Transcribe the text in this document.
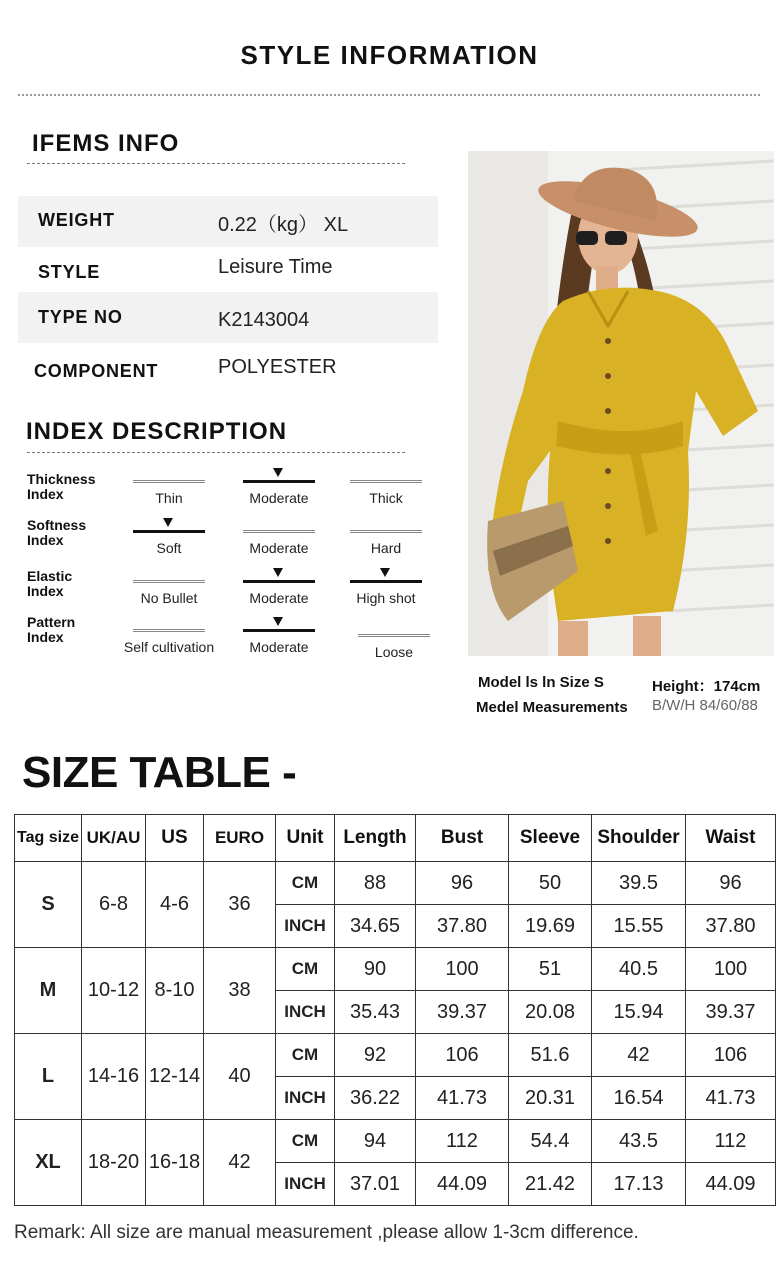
STYLE INFORMATION
IFEMS INFO
WEIGHT	0.22（kg） XL
STYLE	Leisure Time
TYPE NO	K2143004
COMPONENT	POLYESTER
INDEX DESCRIPTION
Thickness
Index	Thin	Moderate	Thick
Softness
Index	Soft	Moderate	Hard
Elastic
Index	No Bullet	Moderate	High shot
Pattern
Index
Self cultivation	Moderate	Loose
Model ls ln Size S
Medel Measurements
Height：174cm
B/W/H 84/60/88
SIZE TABLE -
Tag size	UK/AU	US	EURO	Unit	Length	Bust	Sleeve	Shoulder	Waist
S	6-8	4-6	36	CM	88	96	50	39.5	96
				INCH	34.65	37.80	19.69	15.55	37.80
M	10-12	8-10	38	CM	90	100	51	40.5	100
				INCH	35.43	39.37	20.08	15.94	39.37
L	14-16	12-14	40	CM	92	106	51.6	42	106
				INCH	36.22	41.73	20.31	16.54	41.73
XL	18-20	16-18	42	CM	94	112	54.4	43.5	112
				INCH	37.01	44.09	21.42	17.13	44.09
Remark: All size are manual measurement ,please allow 1-3cm difference.
